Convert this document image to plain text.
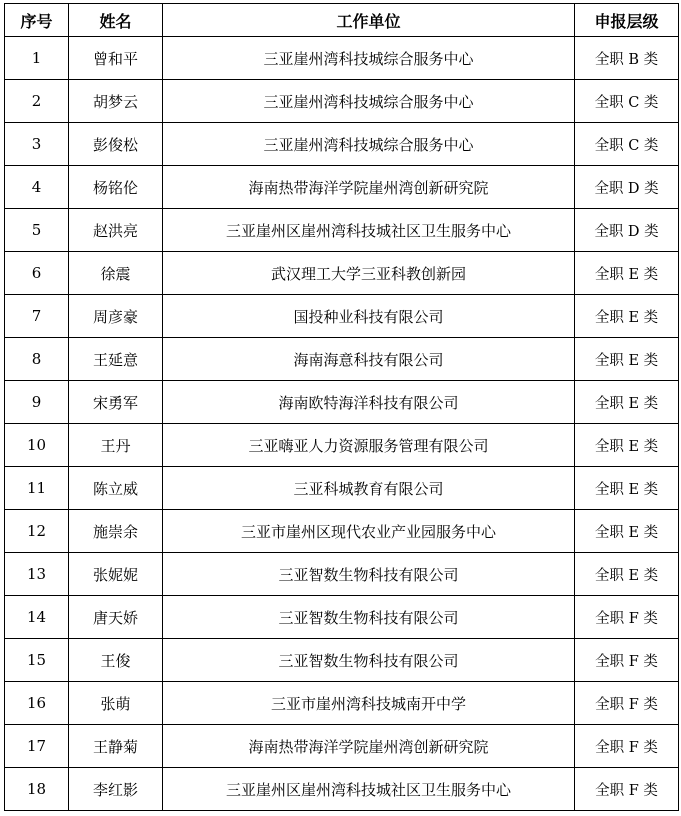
序号	姓名	工作单位	申报层级
1	曾和平	三亚崖州湾科技城综合服务中心	全职 B 类
2	胡梦云	三亚崖州湾科技城综合服务中心	全职 C 类
3	彭俊松	三亚崖州湾科技城综合服务中心	全职 C 类
4	杨铭伦	海南热带海洋学院崖州湾创新研究院	全职 D 类
5	赵洪亮	三亚崖州区崖州湾科技城社区卫生服务中心	全职 D 类
6	徐震	武汉理工大学三亚科教创新园	全职 E 类
7	周彦豪	国投种业科技有限公司	全职 E 类
8	王延意	海南海意科技有限公司	全职 E 类
9	宋勇军	海南欧特海洋科技有限公司	全职 E 类
10	王丹	三亚嗨亚人力资源服务管理有限公司	全职 E 类
11	陈立威	三亚科城教育有限公司	全职 E 类
12	施崇余	三亚市崖州区现代农业产业园服务中心	全职 E 类
13	张妮妮	三亚智数生物科技有限公司	全职 E 类
14	唐天娇	三亚智数生物科技有限公司	全职 F 类
15	王俊	三亚智数生物科技有限公司	全职 F 类
16	张萌	三亚市崖州湾科技城南开中学	全职 F 类
17	王静菊	海南热带海洋学院崖州湾创新研究院	全职 F 类
18	李红影	三亚崖州区崖州湾科技城社区卫生服务中心	全职 F 类
